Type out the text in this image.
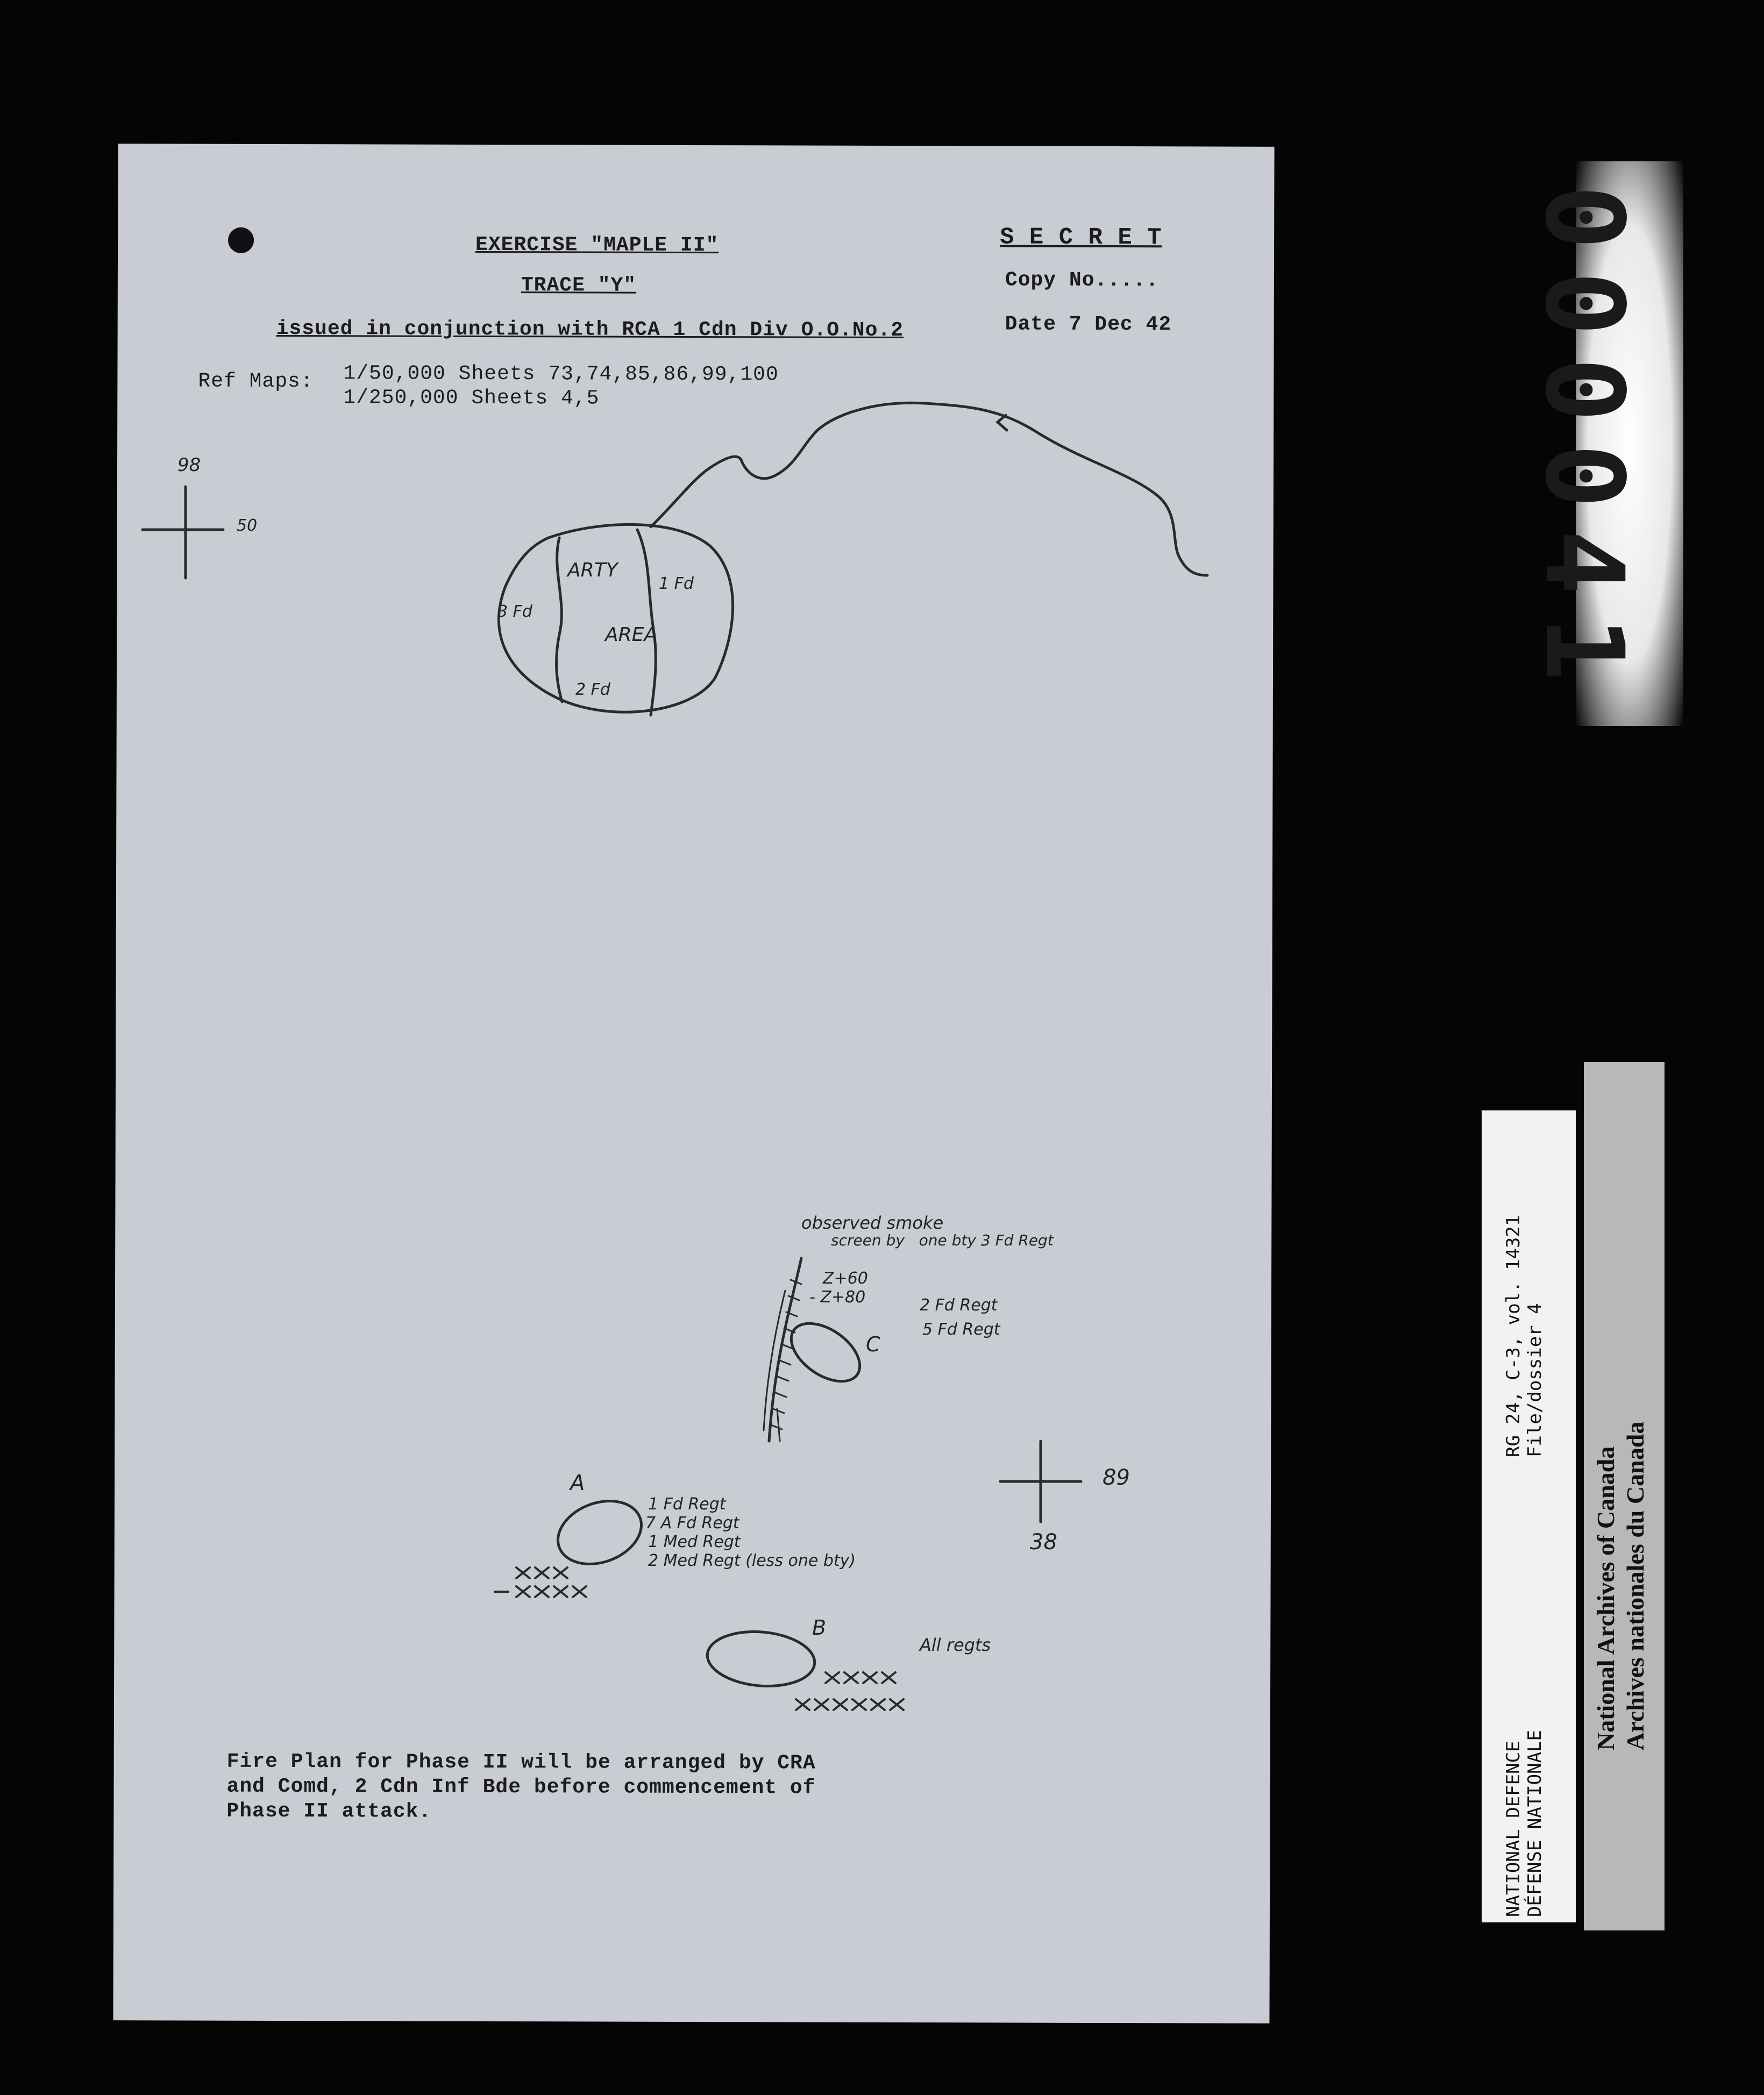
EXERCISE "MAPLE II"
TRACE "Y"
issued in conjunction with RCA 1 Cdn Div O.O.No.2
S E C R E T
Copy No.....
Date 7 Dec 42
Ref Maps: 1/50,000 Sheets 73,74,85,86,99,100
1/250,000 Sheets 4,5
Fire Plan for Phase II will be arranged by CRA
and Comd, 2 Cdn Inf Bde before commencement of
Phase II attack.
98
50
89
38
ARTY
AREA
3 Fd
1 Fd
2 Fd
observed smoke
screen by   one bty 3 Fd Regt
Z+60
- Z+80
C
2 Fd Regt
5 Fd Regt
A
1 Fd Regt
7 A Fd Regt
1 Med Regt
2 Med Regt (less one bty)
B
All regts
000041
RG 24, C-3, vol. 14321 File/dossier 4
NATIONAL DEFENCE DÉFENSE NATIONALE
National Archives of Canada Archives nationales du Canada
